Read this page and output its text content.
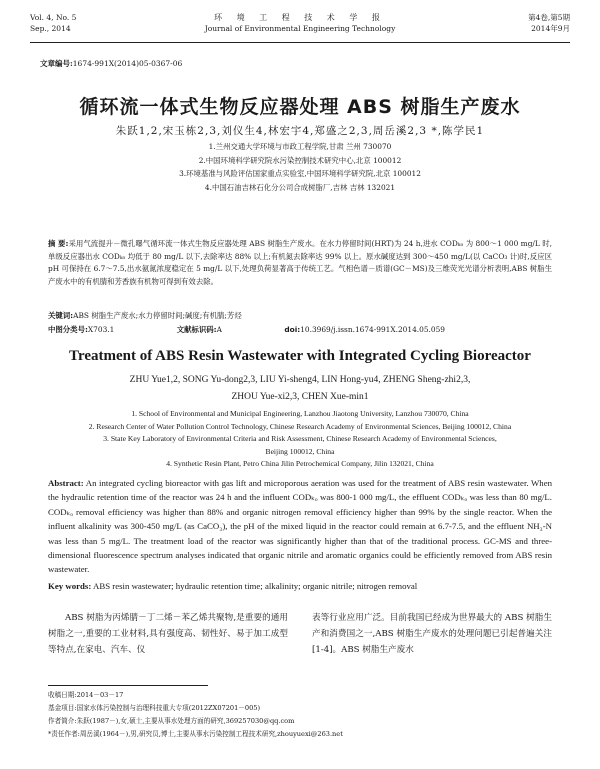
Vol. 4, No. 5
Sep., 2014
环 境 工 程 技 术 学 报
Journal of Environmental Engineering Technology
第4卷,第5期
2014年9月
文章编号:1674-991X(2014)05-0367-06
循环流一体式生物反应器处理 ABS 树脂生产废水
朱跃1,2,宋玉栋2,3,刘仪生4,林宏宇4,郑盛之2,3,周岳溪2,3 *,陈学民1
1.兰州交通大学环境与市政工程学院,甘肃 兰州 730070
2.中国环境科学研究院水污染控制技术研究中心,北京 100012
3.环境基准与风险评估国家重点实验室,中国环境科学研究院,北京 100012
4.中国石油吉林石化分公司合成树脂厂,吉林 吉林 132021
摘 要:采用气流提升－微孔曝气循环流一体式生物反应器处理 ABS 树脂生产废水。在水力停留时间(HRT)为 24 h,进水 CODₖₒ 为 800～1 000 mg/L 时,单级反应器出水 CODₖₒ 均低于 80 mg/L 以下,去除率达 88% 以上;有机氮去除率达 99% 以上。原水碱度达到 300～450 mg/L(以 CaCO₃ 计)时,反应区 pH 可保持在 6.7～7.5,出水氨氮浓度稳定在 5 mg/L 以下,处理负荷显著高于传统工艺。气相色谱－质谱(GC－MS)及三维荧光光谱分析表明,ABS 树脂生产废水中的有机腈和芳香族有机物可得到有效去除。
关键词:ABS 树脂生产废水;水力停留时间;碱度;有机腈;芳烃
中图分类号:X703.1	文献标识码:A	doi:10.3969/j.issn.1674-991X.2014.05.059
Treatment of ABS Resin Wastewater with Integrated Cycling Bioreactor
ZHU Yue1,2, SONG Yu-dong2,3, LIU Yi-sheng4, LIN Hong-yu4, ZHENG Sheng-zhi2,3,
ZHOU Yue-xi2,3, CHEN Xue-min1
1. School of Environmental and Municipal Engineering, Lanzhou Jiaotong University, Lanzhou 730070, China
2. Research Center of Water Pollution Control Technology, Chinese Research Academy of Environmental Sciences, Beijing 100012, China
3. State Key Laboratory of Environmental Criteria and Risk Assessment, Chinese Research Academy of Environmental Sciences,
Beijing 100012, China
4. Synthetic Resin Plant, Petro China Jilin Petrochemical Company, Jilin 132021, China
Abstract: An integrated cycling bioreactor with gas lift and microporous aeration was used for the treatment of ABS resin wastewater. When the hydraulic retention time of the reactor was 24 h and the influent CODₖₒ was 800-1 000 mg/L, the effluent CODₖₒ was less than 80 mg/L. CODₖₒ removal efficiency was higher than 88% and organic nitrogen removal efficiency higher than 99% by the single reactor. When the influent alkalinity was 300-450 mg/L (as CaCO₃), the pH of the mixed liquid in the reactor could remain at 6.7-7.5, and the effluent NH₃-N was less than 5 mg/L. The treatment load of the reactor was significantly higher than that of the traditional process. GC-MS and three-dimensional fluorescence spectrum analyses indicated that organic nitrile and aromatic organics could be efficiently removed from ABS resin wastewater.
Key words: ABS resin wastewater; hydraulic retention time; alkalinity; organic nitrile; nitrogen removal
ABS 树脂为丙烯腈－丁二烯－苯乙烯共聚物,是重要的通用树脂之一,重要的工业材料,具有强度高、韧性好、易于加工成型等特点,在家电、汽车、仪
表等行业应用广泛。目前我国已经成为世界最大的 ABS 树脂生产和消费国之一,ABS 树脂生产废水的处理问题已引起普遍关注[1-4]。ABS 树脂生产废水
收稿日期:2014－03－17
基金项目:国家水体污染控制与治理科技重大专项(2012ZX07201－005)
作者简介:朱跃(1987－),女,硕士,主要从事水处理方面的研究,369257030@qq.com
*责任作者:周岳溪(1964－),男,研究员,博士,主要从事水污染控制工程技术研究,zhouyuexi@263.net
